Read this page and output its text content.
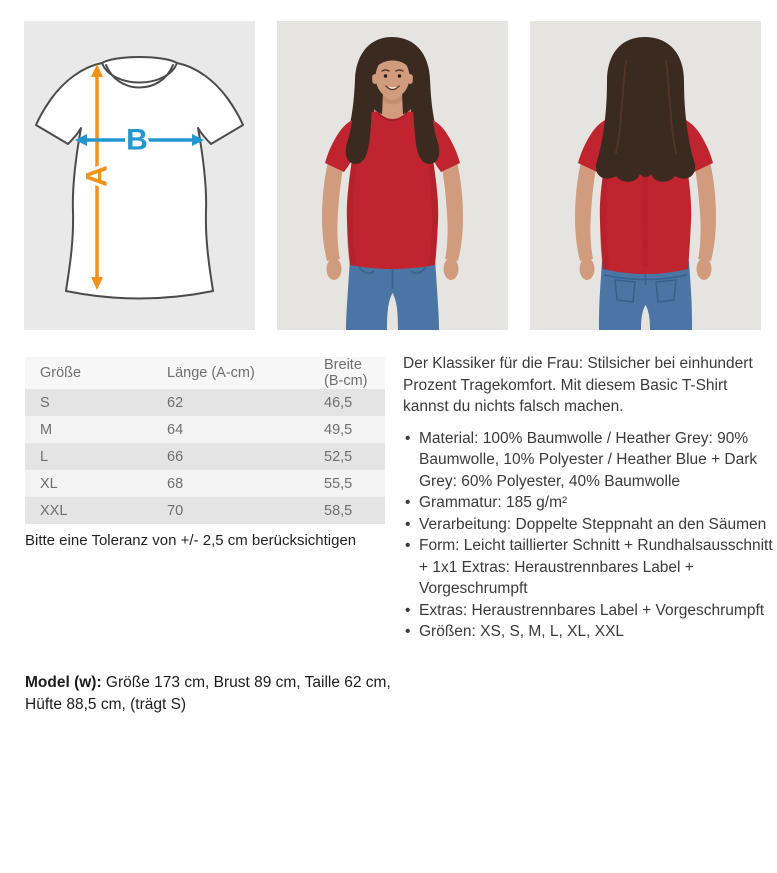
A
B
Größe	Länge (A-cm)	Breite (B-cm)
S	62	46,5
M	64	49,5
L	66	52,5
XL	68	55,5
XXL	70	58,5

Bitte eine Toleranz von +/- 2,5 cm berücksichtigen

Model (w): Größe 173 cm, Brust 89 cm, Taille 62 cm, Hüfte 88,5 cm, (trägt S)

Der Klassiker für die Frau: Stilsicher bei einhundert Prozent Tragekomfort. Mit diesem Basic T-Shirt kannst du nichts falsch machen.

• Material: 100% Baumwolle / Heather Grey: 90% Baumwolle, 10% Polyester / Heather Blue + Dark Grey: 60% Polyester, 40% Baumwolle
• Grammatur: 185 g/m²
• Verarbeitung: Doppelte Steppnaht an den Säumen
• Form: Leicht taillierter Schnitt + Rundhalsausschnitt + 1x1 Extras: Heraustrennbares Label + Vorgeschrumpft
• Extras: Heraustrennbares Label + Vorgeschrumpft
• Größen: XS, S, M, L, XL, XXL
